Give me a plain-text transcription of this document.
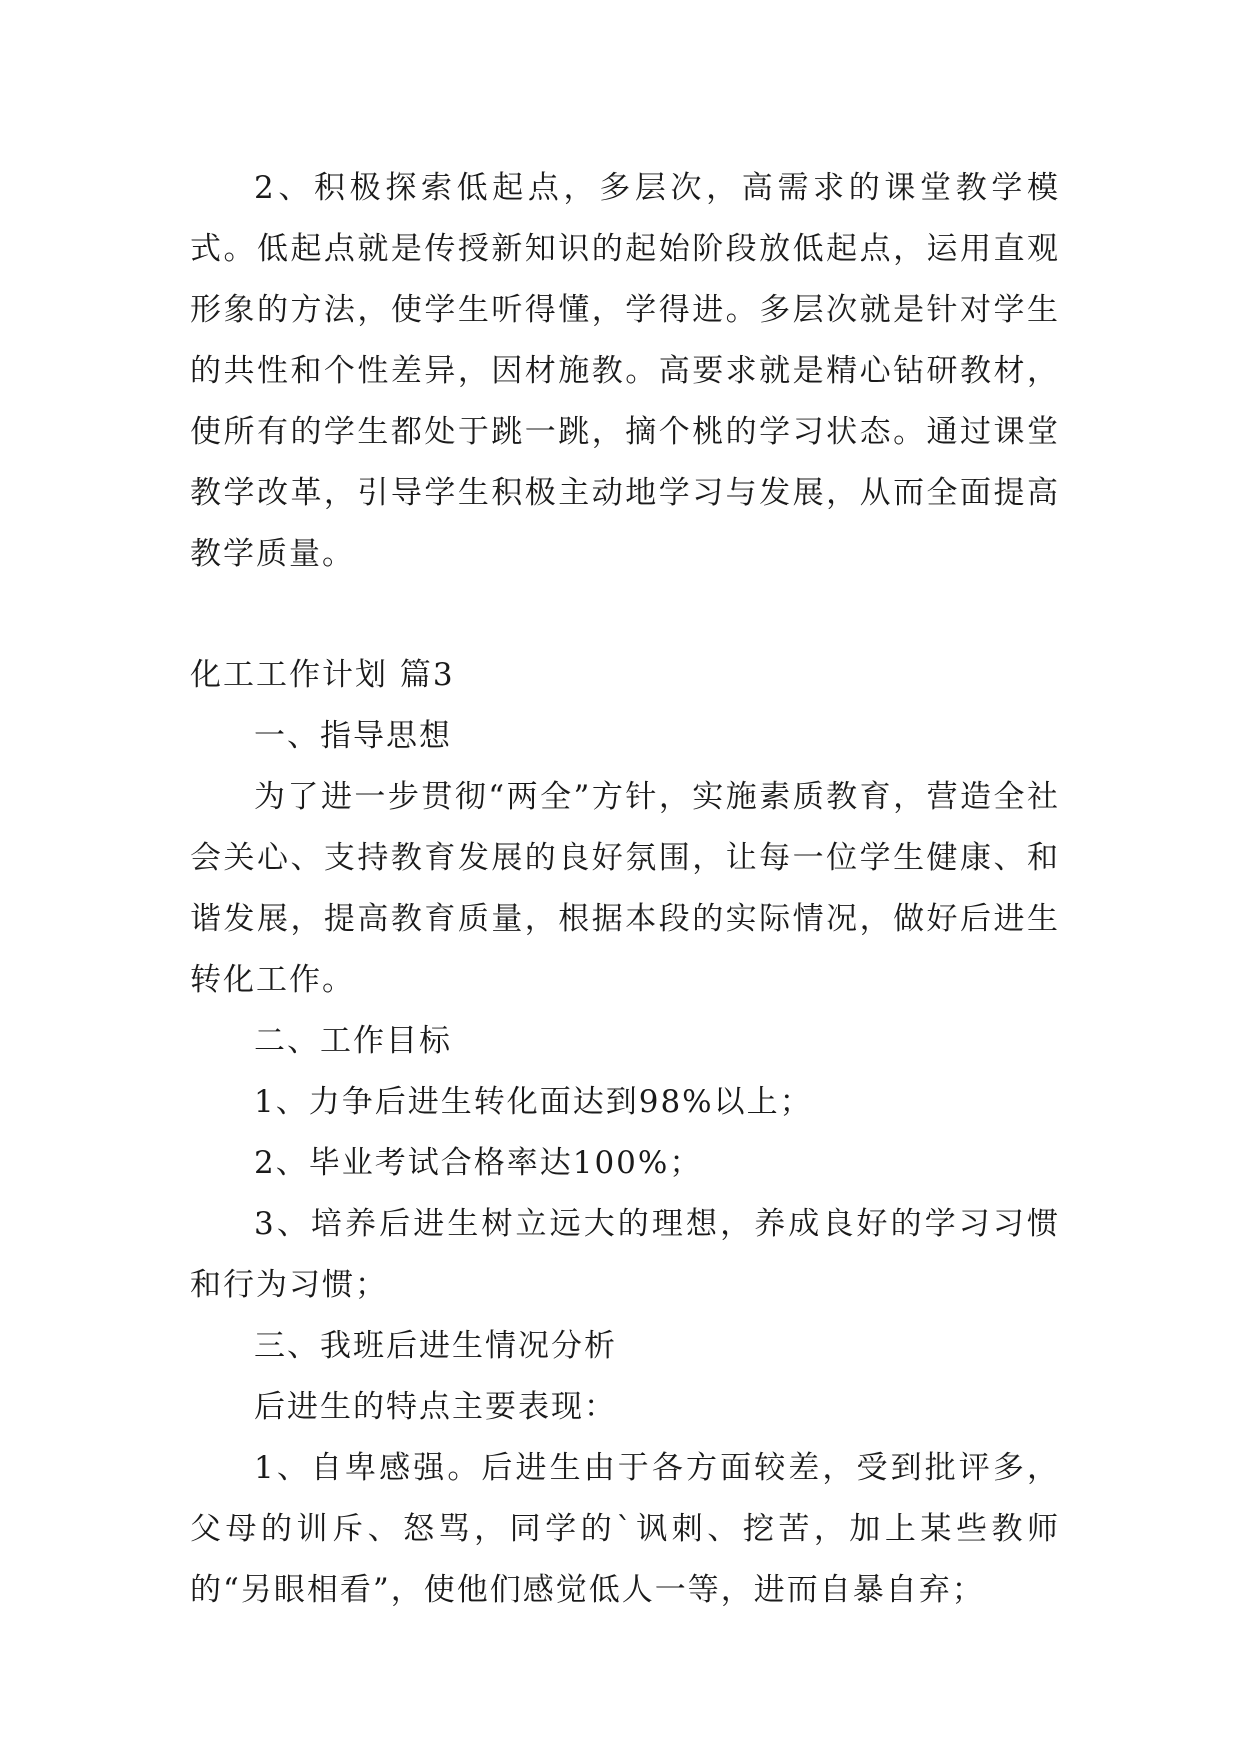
2、积极探索低起点，多层次，高需求的课堂教学模式。低起点就是传授新知识的起始阶段放低起点，运用直观形象的方法，使学生听得懂，学得进。多层次就是针对学生的共性和个性差异，因材施教。高要求就是精心钻研教材，使所有的学生都处于跳一跳，摘个桃的学习状态。通过课堂教学改革，引导学生积极主动地学习与发展，从而全面提高教学质量。

化工工作计划 篇3

一、指导思想

为了进一步贯彻“两全”方针，实施素质教育，营造全社会关心、支持教育发展的良好氛围，让每一位学生健康、和谐发展，提高教育质量，根据本段的实际情况，做好后进生转化工作。

二、工作目标

1、力争后进生转化面达到98%以上；

2、毕业考试合格率达100%；

3、培养后进生树立远大的理想，养成良好的学习习惯和行为习惯；

三、我班后进生情况分析

后进生的特点主要表现：

1、自卑感强。后进生由于各方面较差，受到批评多，父母的训斥、怒骂，同学的`讽刺、挖苦，加上某些教师的“另眼相看”，使他们感觉低人一等，进而自暴自弃；
